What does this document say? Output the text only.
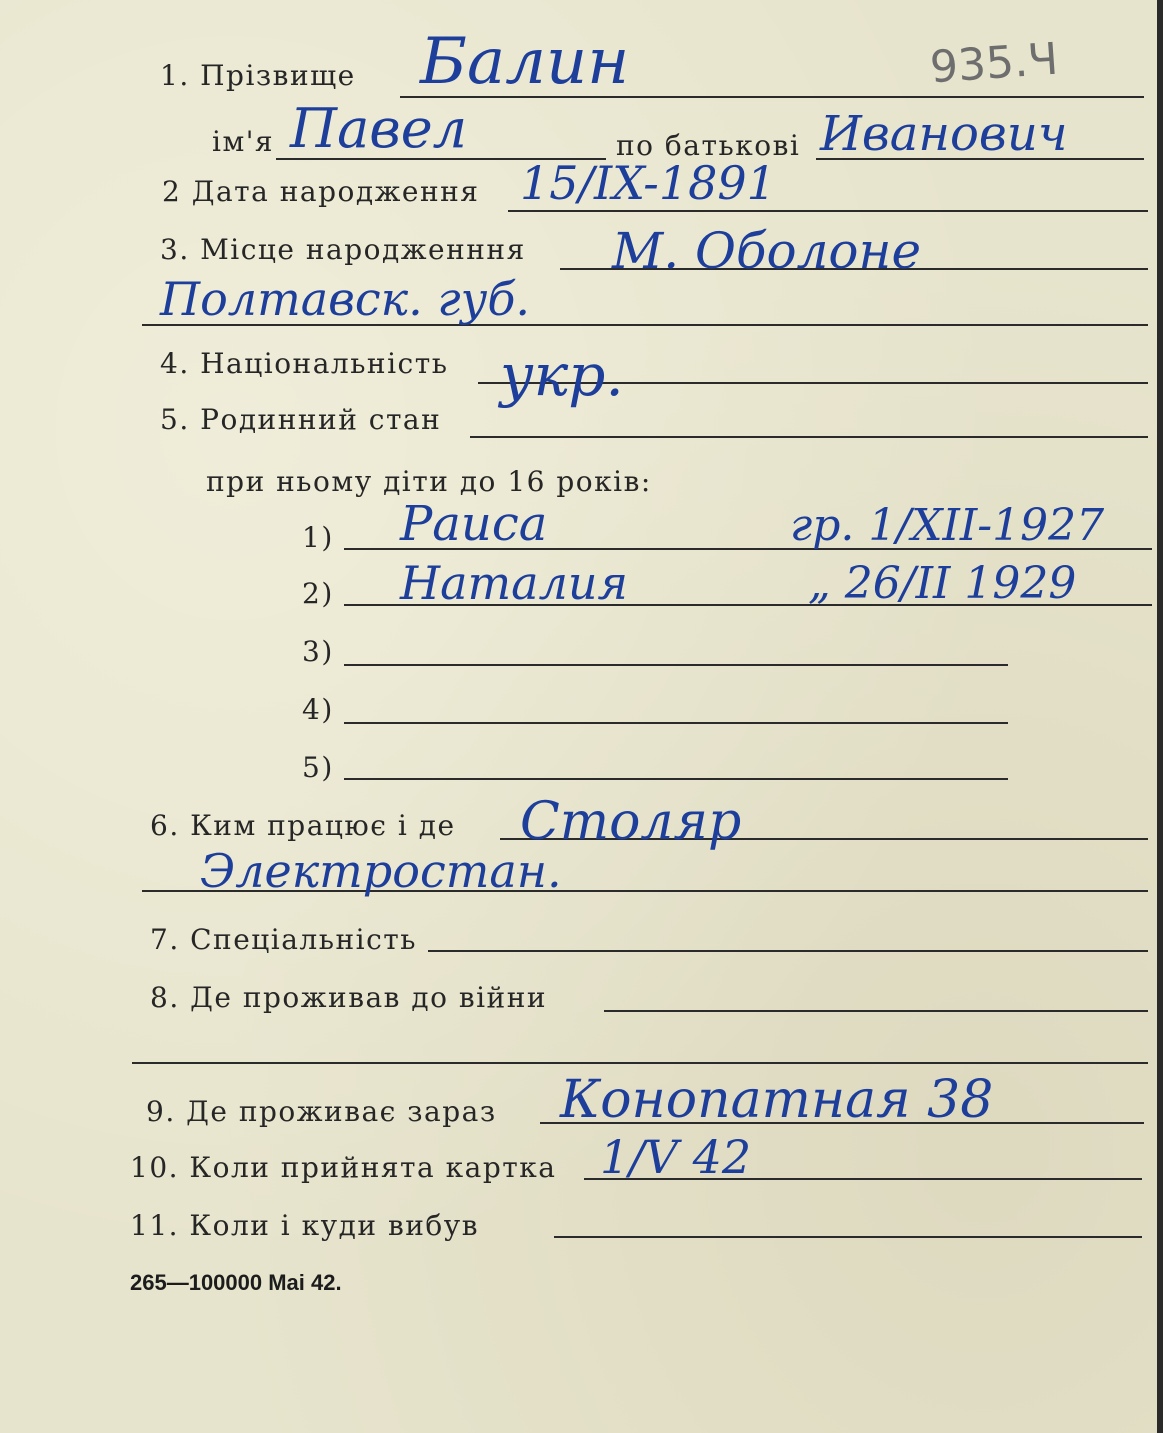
935.Ч
1. Прізвище Балин
ім'я Павел	по батькові Иванович
2 Дата народження 15/IX-1891
3. Місце народженння М. Оболоне
Полтавск. губ.
4. Національність укр.
5. Родинний стан
при ньому діти до 16 років:
1) Раиса	гр. 1/XII-1927
2) Наталия	„ 26/II 1929
3)
4)
5)
6. Ким працює і де Столяр
Электростан.
7. Спеціальність
8. Де проживав до війни
9. Де проживає зараз Конопатная 38
10. Коли прийнята картка 1/V 42
11. Коли і куди вибув
265—100000 Mai 42.
